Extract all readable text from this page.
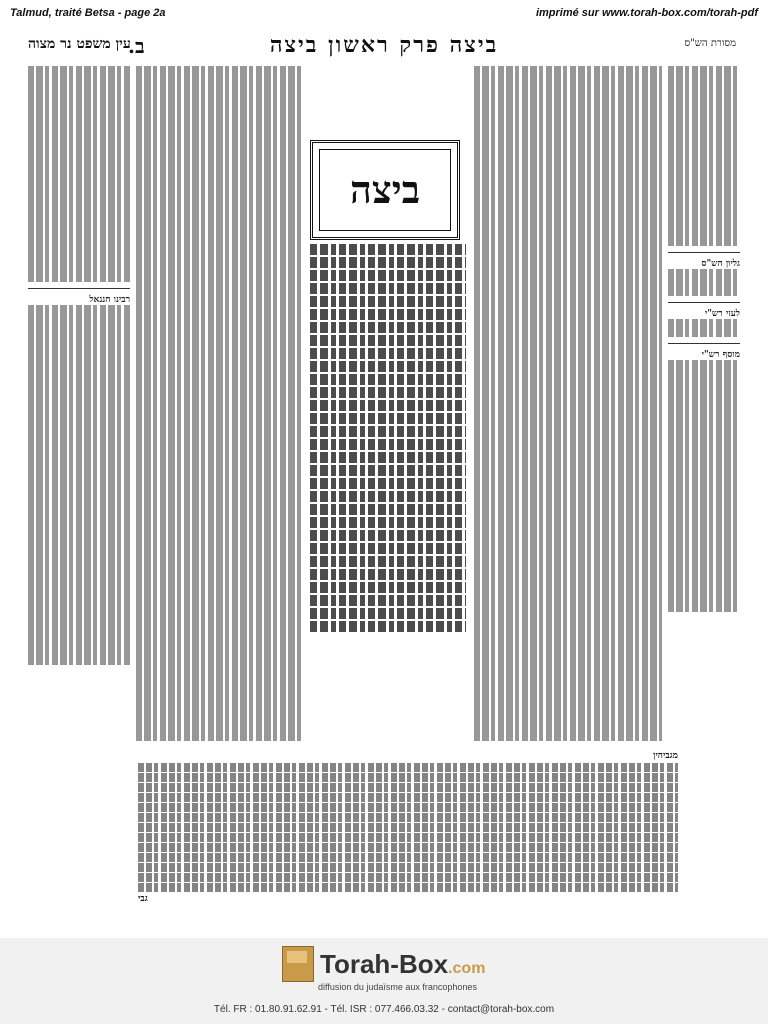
Talmud, traité Betsa - page 2a	imprimé sur www.torah-box.com/torah-pdf
מסורת הש"ס
ביצה פרק ראשון ביצה
ב.
עין משפט נר מצוה
גליון הש"ס
לעזי רש"י
מוסף רש"י
ביצה
רבינו חננאל
מגביהין
גבי
Torah-Box.com
diffusion du judaïsme aux francophones
Tél. FR : 01.80.91.62.91 - Tél. ISR : 077.466.03.32 - contact@torah-box.com
